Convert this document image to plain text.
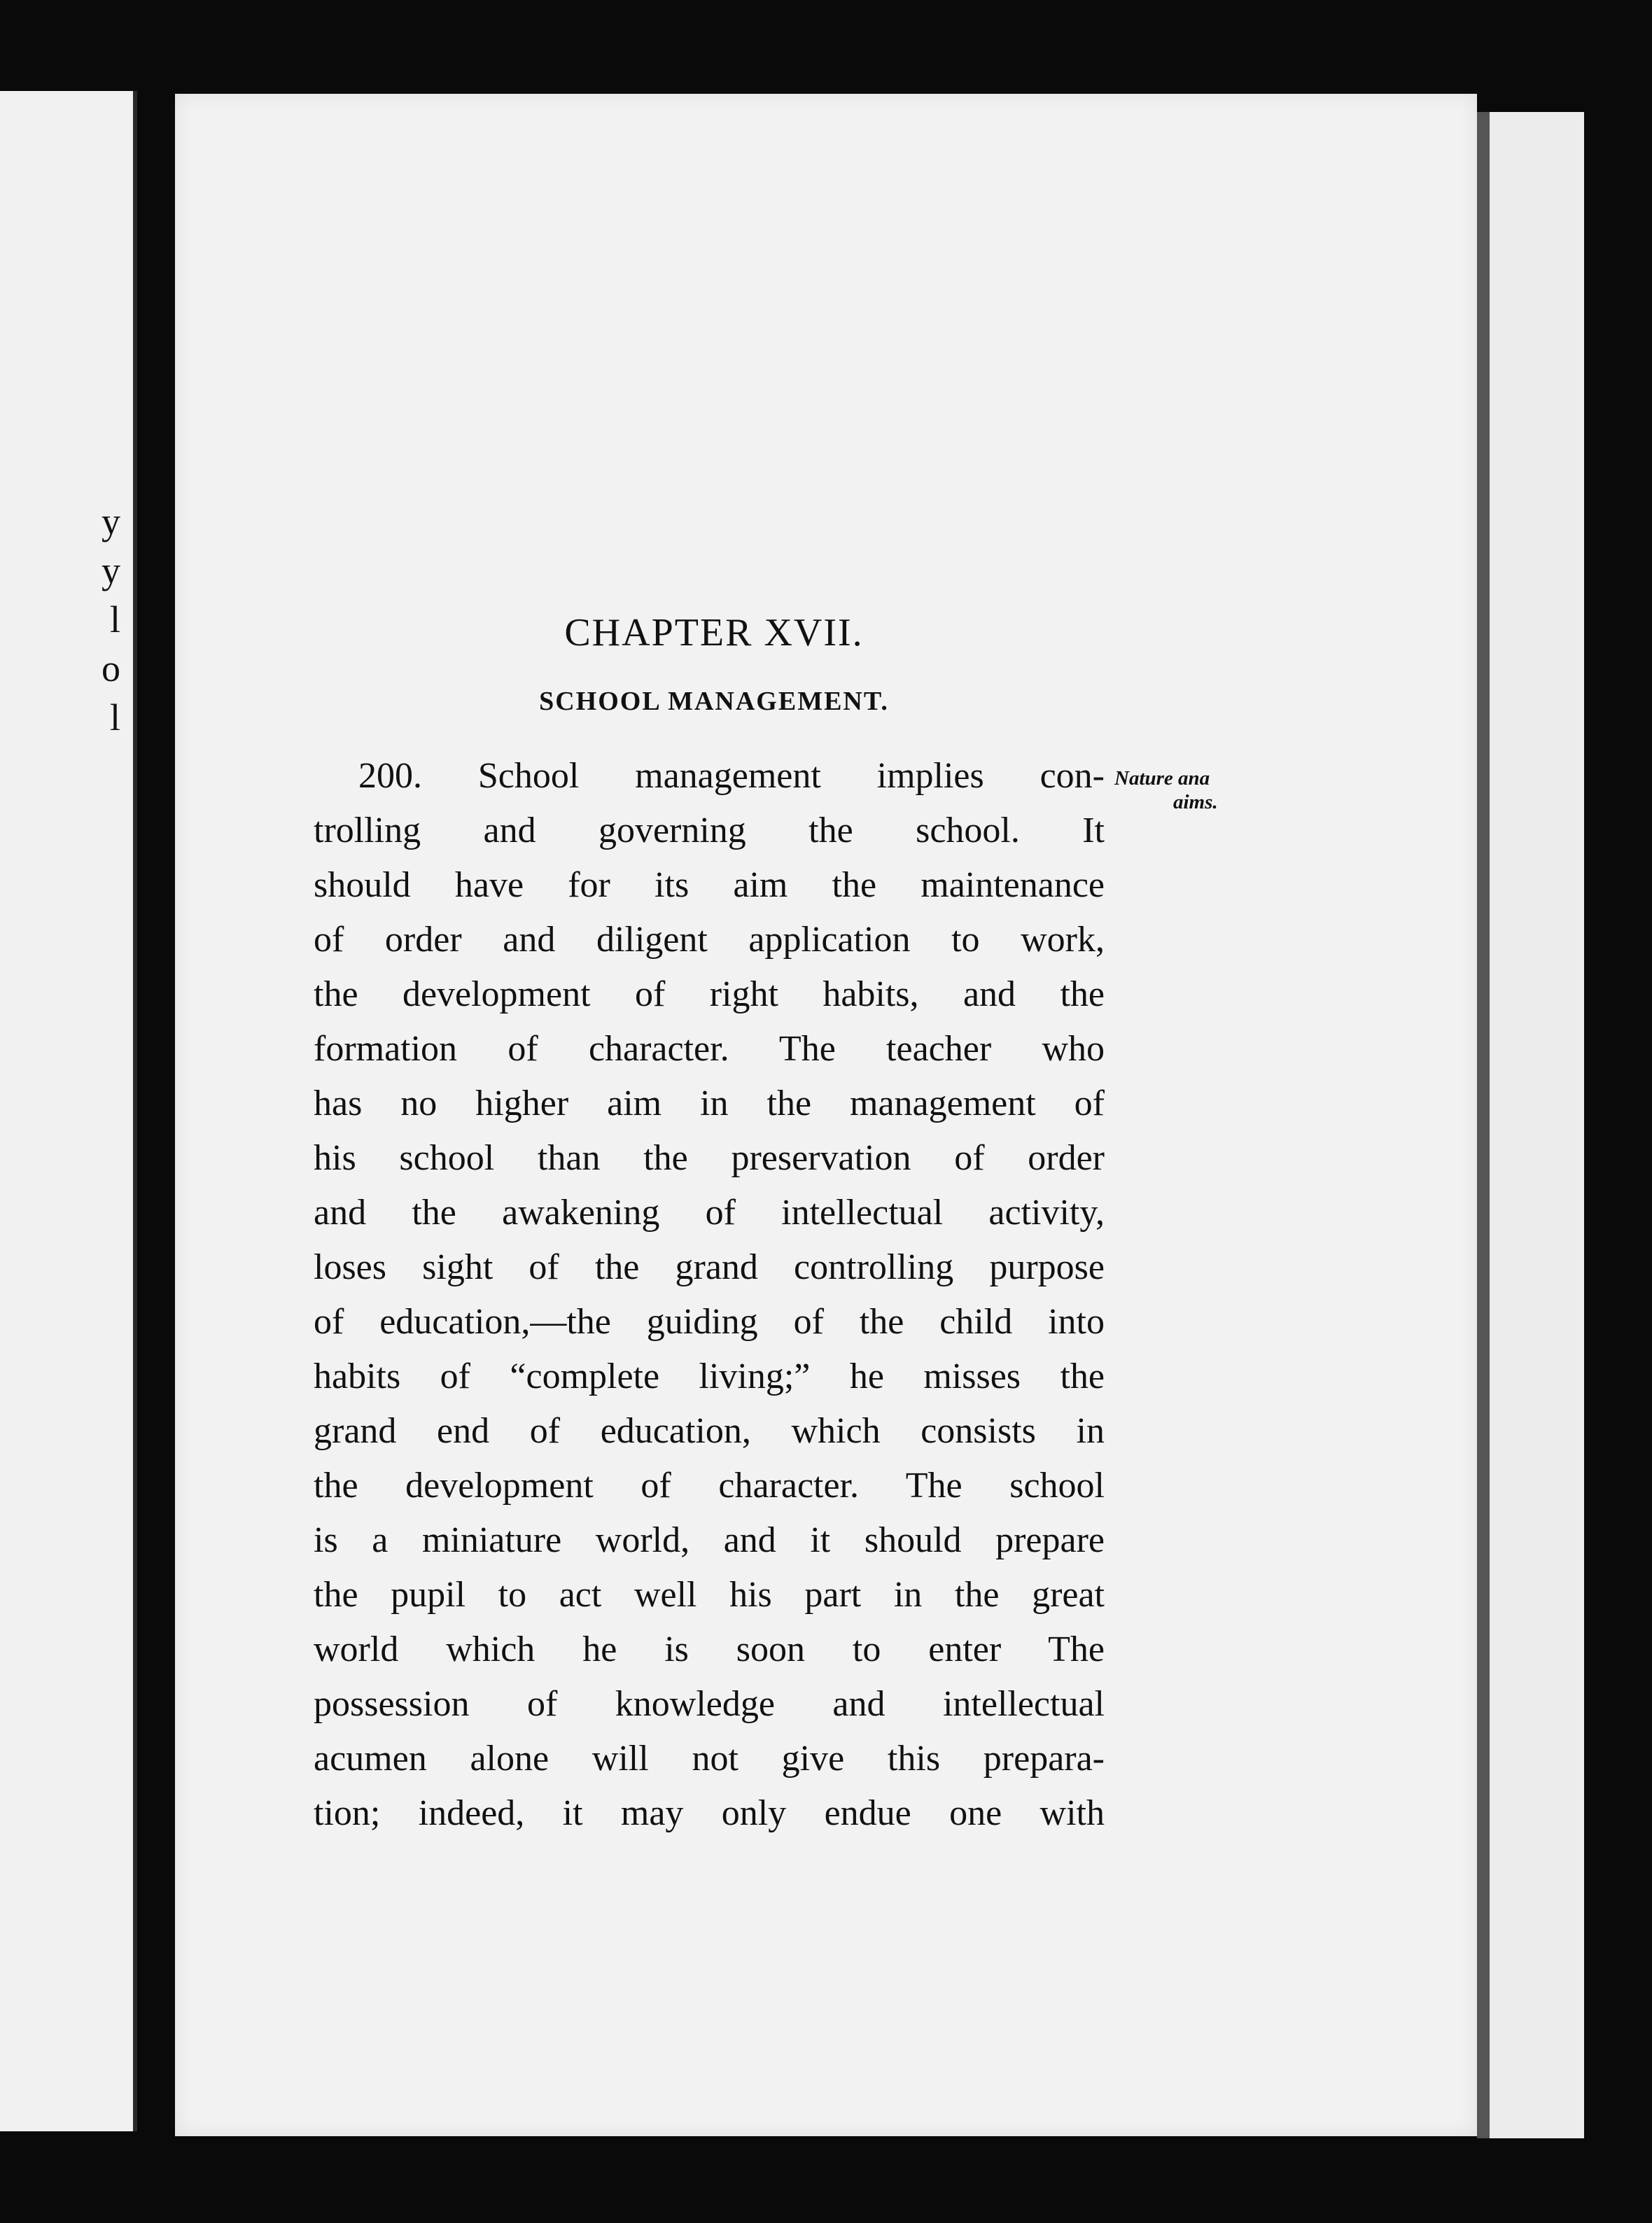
y
y
l
o
l
CHAPTER XVII.
SCHOOL MANAGEMENT.
Nature ana
aims.
200. School management implies con-
trolling and governing the school. It
should have for its aim the maintenance
of order and diligent application to work,
the development of right habits, and the
formation of character. The teacher who
has no higher aim in the management of
his school than the preservation of order
and the awakening of intellectual activity,
loses sight of the grand controlling purpose
of education,—the guiding of the child into
habits of “complete living;” he misses the
grand end of education, which consists in
the development of character. The school
is a miniature world, and it should prepare
the pupil to act well his part in the great
world which he is soon to enter The
possession of knowledge and intellectual
acumen alone will not give this prepara-
tion; indeed, it may only endue one with
